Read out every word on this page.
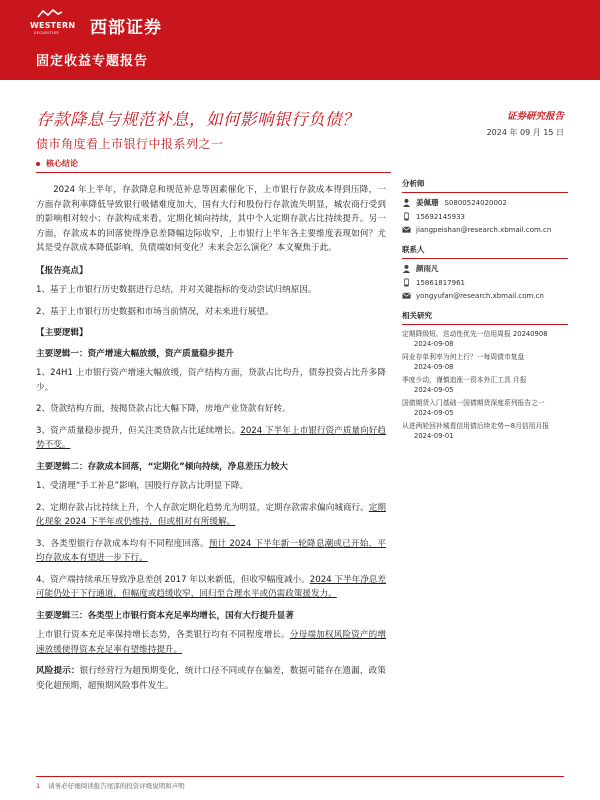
WESTERN
SECURITIES 西部证券
固定收益专题报告
存款降息与规范补息，如何影响银行负债？
债市角度看上市银行中报系列之一
证券研究报告
2024 年 09 月 15 日
核心结论

2024 年上半年，存款降息和规范补息等因素催化下，上市银行存款成本得到压降，一方面存款利率降低导致银行吸储难度加大，国有大行和股份行存款流失明显，城农商行受到的影响相对较小；存款构成来看，定期化倾向持续，其中个人定期存款占比持续提升。另一方面，存款成本的回落使得净息差降幅边际收窄，上市银行上半年各主要维度表现如何？尤其是受存款成本降低影响，负债端如何变化？未来会怎么演化？本文聚焦于此。

【报告亮点】

1、基于上市银行历史数据进行总结，并对关键指标的变动尝试归纳原因。

2、基于上市银行历史数据和市场当前情况，对未来进行展望。

【主要逻辑】

主要逻辑一：资产增速大幅放缓，资产质量稳步提升

1、24H1 上市银行资产增速大幅放缓，资产结构方面，贷款占比均升，债券投资占比升多降少。

2、贷款结构方面，按揭贷款占比大幅下降，房地产业贷款有好转。

3、资产质量稳步提升，但关注类贷款占比延续增长。2024 下半年上市银行资产质量向好趋势不变。

主要逻辑二：存款成本回落，“定期化”倾向持续，净息差压力较大

1、受清理“手工补息”影响，国股行存款占比明显下降。

2、定期存款占比持续上升，个人存款定期化趋势尤为明显，定期存款需求偏向城商行。定期化现象 2024 下半年或仍维持，但或相对有所缓解。

3、各类型银行存款成本均有不同程度回落。预计 2024 下半年新一轮降息潮或已开始，平均存款成本有望进一步下行。

4、资产端持续承压导致净息差创 2017 年以来新低，但收窄幅度减小。2024 下半年净息差可能仍处于下行通道，但幅度或趋缓收窄，回归至合理水平或仍需政策援发力。

主要逻辑三：各类型上市银行资本充足率均增长，国有大行提升显著

上市银行资本充足率保持增长态势，各类银行均有不同程度增长。分母端加权风险资产的增速放缓使得资本充足率有望维持提升。

风险提示：银行经营行为超预期变化，统计口径不同或存在偏差，数据可能存在遗漏，政策变化超预期，超预期风险事件发生。

分析师
姜佩珊 S0800524020002
15692145933
jiangpeishan@research.xbmail.com.cn
联系人
颜雨凡
15861817961
yongyufan@research.xbmail.com.cn
相关研究
定期降级短、迭动性优先一信用周报 202409082024-09-08
同业存单利率为何上行？一每周债市复盘 2024-09-08
季度少动，谨慎追涨一资本外汇工具 月报 2024-09-05
国债期货入门基础一国债期货深度系列报告之一 2024-09-05
从进两轮回补城看信用债后续走势—8月信用月报 2024-09-01
1 请务必仔细阅读报告尾部的投资评级说明和声明
